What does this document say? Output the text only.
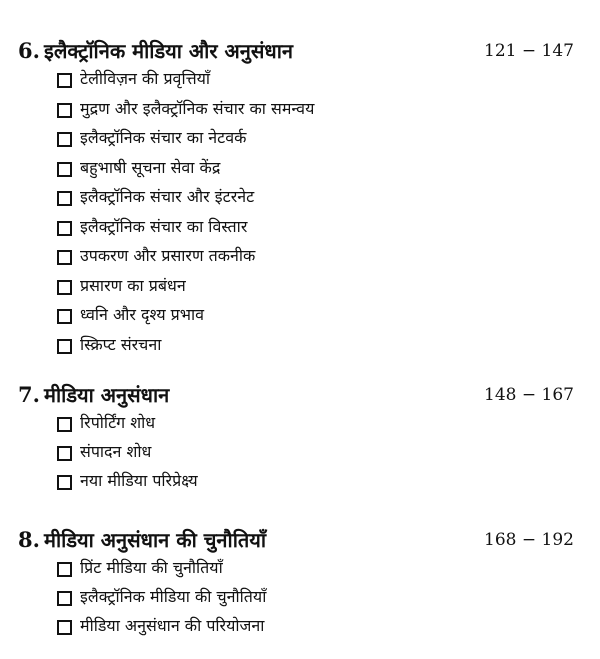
6. इलैक्ट्रॉनिक मीडिया और अनुसंधान	121 − 147
टेलीविज़न की प्रवृत्तियाँ
मुद्रण और इलैक्ट्रॉनिक संचार का समन्वय
इलैक्ट्रॉनिक संचार का नेटवर्क
बहुभाषी सूचना सेवा केंद्र
इलैक्ट्रॉनिक संचार और इंटरनेट
इलैक्ट्रॉनिक संचार का विस्तार
उपकरण और प्रसारण तकनीक
प्रसारण का प्रबंधन
ध्वनि और दृश्य प्रभाव
स्क्रिप्ट संरचना
7. मीडिया अनुसंधान	148 − 167
रिपोर्टिंग शोध
संपादन शोध
नया मीडिया परिप्रेक्ष्य
8. मीडिया अनुसंधान की चुनौतियाँ	168 − 192
प्रिंट मीडिया की चुनौतियाँ
इलैक्ट्रॉनिक मीडिया की चुनौतियाँ
मीडिया अनुसंधान की परियोजना
